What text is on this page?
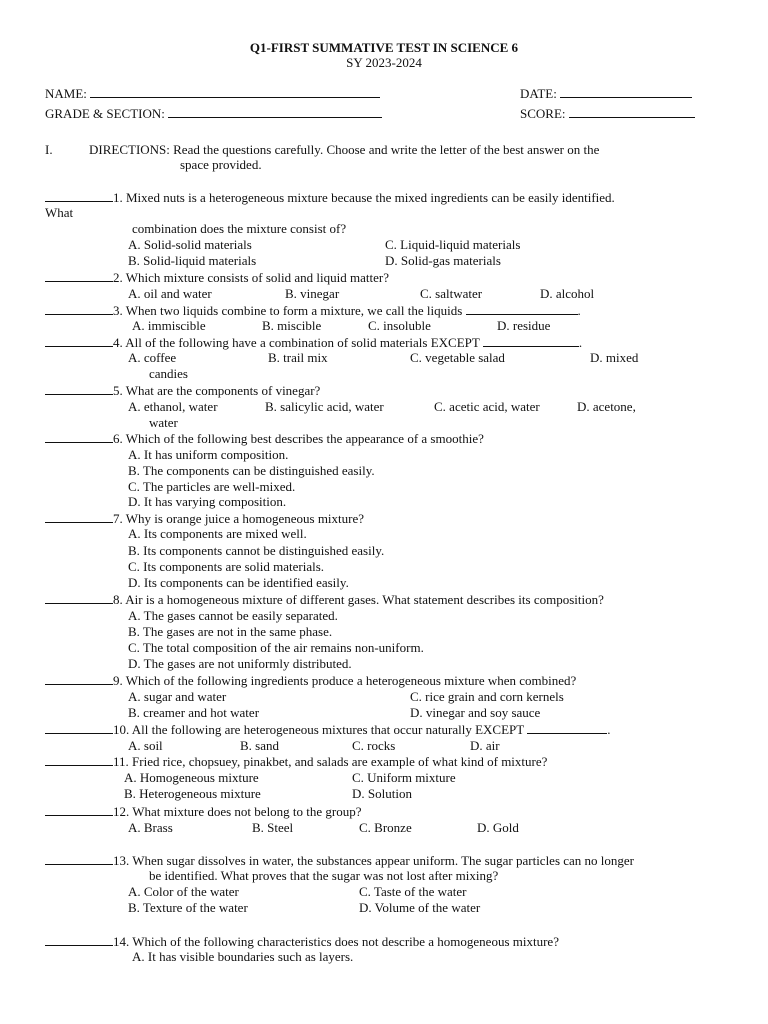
Q1-FIRST SUMMATIVE TEST IN SCIENCE 6
SY 2023-2024
NAME:	DATE:
GRADE & SECTION:	SCORE:
I.	DIRECTIONS: Read the questions carefully. Choose and write the letter of the best answer on the
space provided.
1. Mixed nuts is a heterogeneous mixture because the mixed ingredients can be easily identified.
What
combination does the mixture consist of?
A. Solid-solid materials	C. Liquid-liquid materials
B. Solid-liquid materials	D. Solid-gas materials
2. Which mixture consists of solid and liquid matter?
A. oil and water	B. vinegar	C. saltwater	D. alcohol
3. When two liquids combine to form a mixture, we call the liquids	.
A. immiscible	B. miscible	C. insoluble	D. residue
4. All of the following have a combination of solid materials EXCEPT	.
A. coffee	B. trail mix	C. vegetable salad	D. mixed
candies
5. What are the components of vinegar?
A. ethanol, water	B. salicylic acid, water	C. acetic acid, water	D. acetone,
water
6. Which of the following best describes the appearance of a smoothie?
A. It has uniform composition.
B. The components can be distinguished easily.
C. The particles are well-mixed.
D. It has varying composition.
7. Why is orange juice a homogeneous mixture?
A. Its components are mixed well.
B. Its components cannot be distinguished easily.
C. Its components are solid materials.
D. Its components can be identified easily.
8. Air is a homogeneous mixture of different gases. What statement describes its composition?
A. The gases cannot be easily separated.
B. The gases are not in the same phase.
C. The total composition of the air remains non-uniform.
D. The gases are not uniformly distributed.
9. Which of the following ingredients produce a heterogeneous mixture when combined?
A. sugar and water	C. rice grain and corn kernels
B. creamer and hot water	D. vinegar and soy sauce
10. All the following are heterogeneous mixtures that occur naturally EXCEPT	.
A. soil	B. sand	C. rocks	D. air
11. Fried rice, chopsuey, pinakbet, and salads are example of what kind of mixture?
A. Homogeneous mixture	C. Uniform mixture
B. Heterogeneous mixture	D. Solution
12. What mixture does not belong to the group?
A. Brass	B. Steel	C. Bronze	D. Gold
13. When sugar dissolves in water, the substances appear uniform. The sugar particles can no longer
be identified. What proves that the sugar was not lost after mixing?
A. Color of the water	C. Taste of the water
B. Texture of the water	D. Volume of the water
14. Which of the following characteristics does not describe a homogeneous mixture?
A. It has visible boundaries such as layers.
